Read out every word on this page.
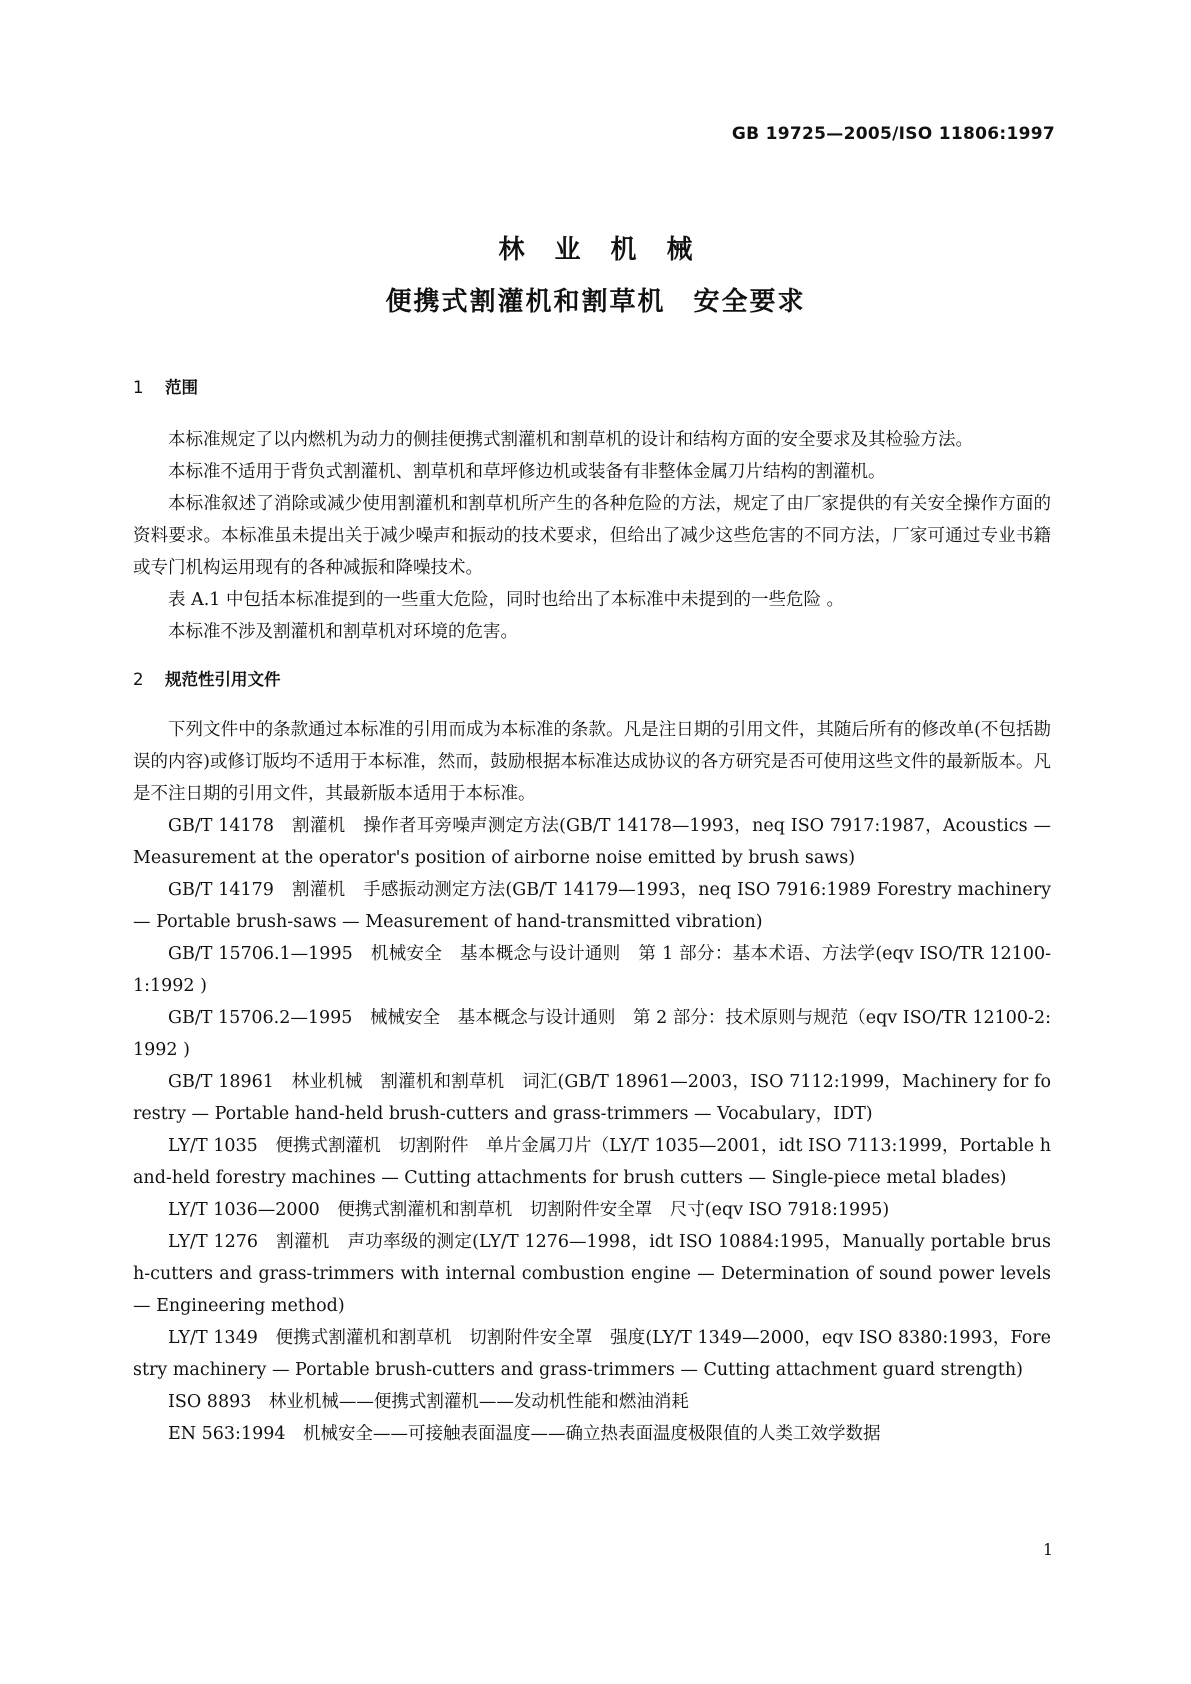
GB 19725—2005/ISO 11806:1997
林业机械
便携式割灌机和割草机　安全要求
1 范围

本标准规定了以内燃机为动力的侧挂便携式割灌机和割草机的设计和结构方面的安全要求及其检验方法。

本标准不适用于背负式割灌机、割草机和草坪修边机或装备有非整体金属刀片结构的割灌机。

本标准叙述了消除或减少使用割灌机和割草机所产生的各种危险的方法，规定了由厂家提供的有关安全操作方面的资料要求。本标准虽未提出关于减少噪声和振动的技术要求，但给出了减少这些危害的不同方法，厂家可通过专业书籍或专门机构运用现有的各种减振和降噪技术。

表 A.1 中包括本标准提到的一些重大危险，同时也给出了本标准中未提到的一些危险 。

本标准不涉及割灌机和割草机对环境的危害。

2 规范性引用文件

下列文件中的条款通过本标准的引用而成为本标准的条款。凡是注日期的引用文件，其随后所有的修改单(不包括勘误的内容)或修订版均不适用于本标准，然而，鼓励根据本标准达成协议的各方研究是否可使用这些文件的最新版本。凡是不注日期的引用文件，其最新版本适用于本标准。

GB/T 14178　割灌机　操作者耳旁噪声测定方法(GB/T 14178—1993，neq ISO 7917:1987，Acoustics — Measurement at the operator's position of airborne noise emitted by brush saws)

GB/T 14179　割灌机　手感振动测定方法(GB/T 14179—1993，neq ISO 7916:1989 Forestry machinery — Portable brush-saws — Measurement of hand-transmitted vibration)

GB/T 15706.1—1995　机械安全　基本概念与设计通则　第 1 部分：基本术语、方法学(eqv ISO/TR 12100-1:1992 )

GB/T 15706.2—1995　械械安全　基本概念与设计通则　第 2 部分：技术原则与规范（eqv ISO/TR 12100-2:1992 )

GB/T 18961　林业机械　割灌机和割草机　词汇(GB/T 18961—2003，ISO 7112:1999，Machinery for forestry — Portable hand-held brush-cutters and grass-trimmers — Vocabulary，IDT)

LY/T 1035　便携式割灌机　切割附件　单片金属刀片（LY/T 1035—2001，idt ISO 7113:1999，Portable hand-held forestry machines — Cutting attachments for brush cutters — Single-piece metal blades)

LY/T 1036—2000　便携式割灌机和割草机　切割附件安全罩　尺寸(eqv ISO 7918:1995)

LY/T 1276　割灌机　声功率级的测定(LY/T 1276—1998，idt ISO 10884:1995，Manually portable brush-cutters and grass-trimmers with internal combustion engine — Determination of sound power levels — Engineering method)

LY/T 1349　便携式割灌机和割草机　切割附件安全罩　强度(LY/T 1349—2000，eqv ISO 8380:1993，Forestry machinery — Portable brush-cutters and grass-trimmers — Cutting attachment guard strength)

ISO 8893　林业机械——便携式割灌机——发动机性能和燃油消耗

EN 563:1994　机械安全——可接触表面温度——确立热表面温度极限值的人类工效学数据

1
